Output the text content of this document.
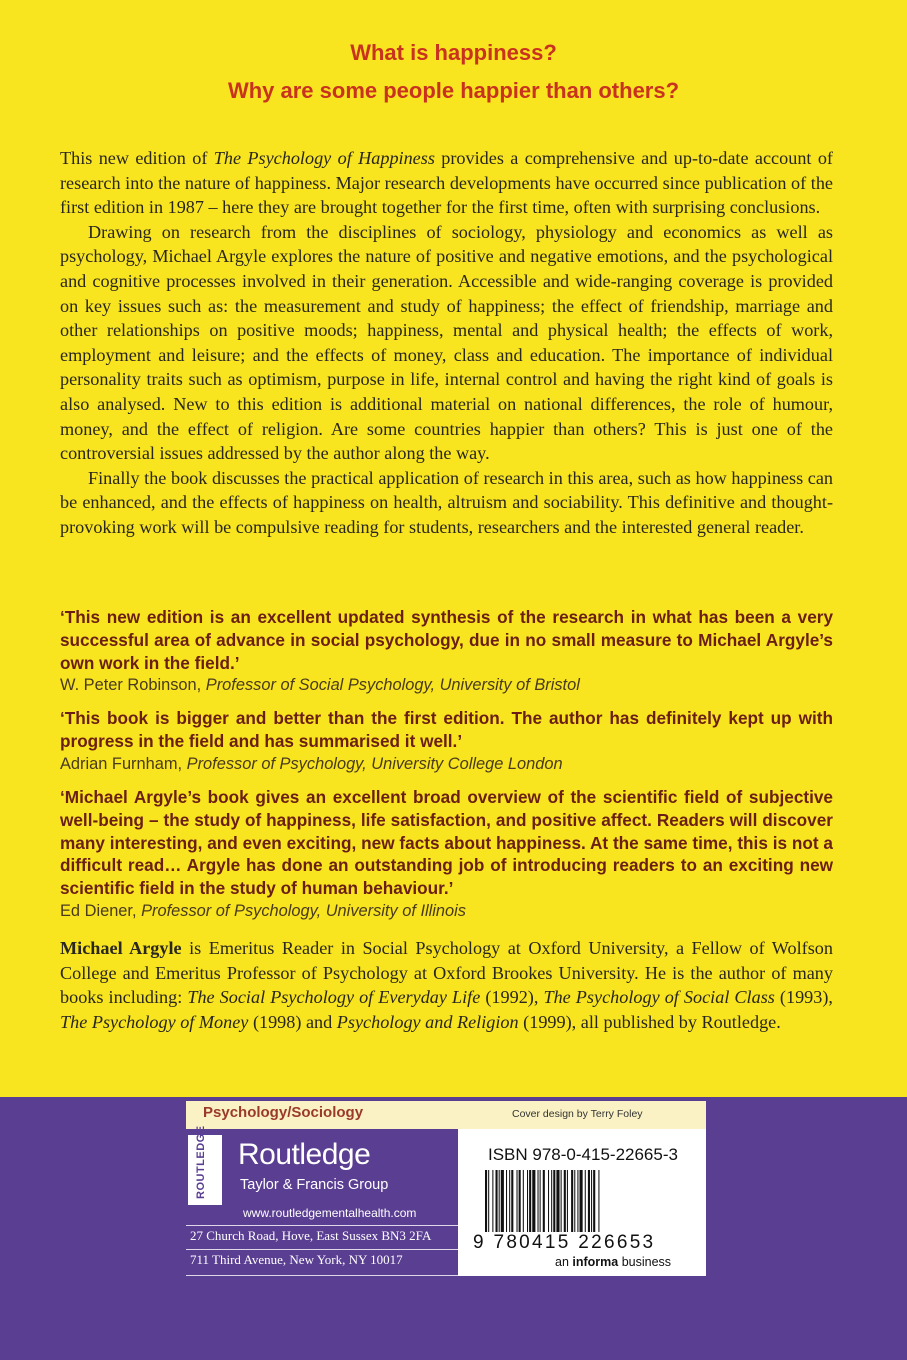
What is happiness?
Why are some people happier than others?

This new edition of The Psychology of Happiness provides a comprehensive and up-to-date account of research into the nature of happiness. Major research developments have occurred since publication of the first edition in 1987 – here they are brought together for the first time, often with surprising conclusions.

Drawing on research from the disciplines of sociology, physiology and economics as well as psychology, Michael Argyle explores the nature of positive and negative emotions, and the psychological and cognitive processes involved in their generation. Accessible and wide-ranging coverage is provided on key issues such as: the measurement and study of happiness; the effect of friendship, marriage and other relationships on positive moods; happiness, mental and physical health; the effects of work, employment and leisure; and the effects of money, class and education. The importance of individual personality traits such as optimism, purpose in life, internal control and having the right kind of goals is also analysed. New to this edition is additional material on national differences, the role of humour, money, and the effect of religion. Are some countries happier than others? This is just one of the controversial issues addressed by the author along the way.

Finally the book discusses the practical application of research in this area, such as how happiness can be enhanced, and the effects of happiness on health, altruism and sociability. This definitive and thought-provoking work will be compulsive reading for students, researchers and the interested general reader.

‘This new edition is an excellent updated synthesis of the research in what has been a very successful area of advance in social psychology, due in no small measure to Michael Argyle’s own work in the field.’
W. Peter Robinson, Professor of Social Psychology, University of Bristol
‘This book is bigger and better than the first edition. The author has definitely kept up with progress in the field and has summarised it well.’
Adrian Furnham, Professor of Psychology, University College London
‘Michael Argyle’s book gives an excellent broad overview of the scientific field of subjective well-being – the study of happiness, life satisfaction, and positive affect. Readers will discover many interesting, and even exciting, new facts about happiness. At the same time, this is not a difficult read… Argyle has done an outstanding job of introducing readers to an exciting new scientific field in the study of human behaviour.’
Ed Diener, Professor of Psychology, University of Illinois

Michael Argyle is Emeritus Reader in Social Psychology at Oxford University, a Fellow of Wolfson College and Emeritus Professor of Psychology at Oxford Brookes University. He is the author of many books including: The Social Psychology of Everyday Life (1992), The Psychology of Social Class (1993), The Psychology of Money (1998) and Psychology and Religion (1999), all published by Routledge.

Psychology/Sociology	Cover design by Terry Foley
ROUTLEDGE Routledge
Taylor & Francis Group
www.routledgementalhealth.com
27 Church Road, Hove, East Sussex BN3 2FA
711 Third Avenue, New York, NY 10017
ISBN 978-0-415-22665-3
9 780415 226653
an informa business
